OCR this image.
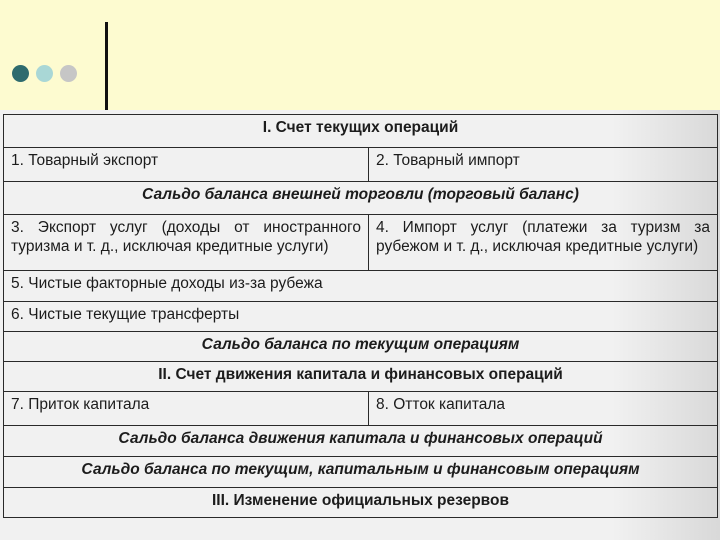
I. Счет текущих операций	
1. Товарный экспорт	2. Товарный импорт
Сальдо баланса внешней торговли (торговый баланс)	
3. Экспорт услуг (доходы от иностранного туризма и т. д., исключая кредитные услуги)	4. Импорт услуг (платежи за туризм за рубежом и т. д., исключая кредитные услуги)
5. Чистые факторные доходы из-за рубежа	
6. Чистые текущие трансферты	
Сальдо баланса по текущим операциям	
II. Счет движения капитала и финансовых операций	
7. Приток капитала	8. Отток капитала
Сальдо баланса движения капитала и финансовых операций	
Сальдо баланса по текущим, капитальным и финансовым операциям	
III. Изменение официальных резервов	
